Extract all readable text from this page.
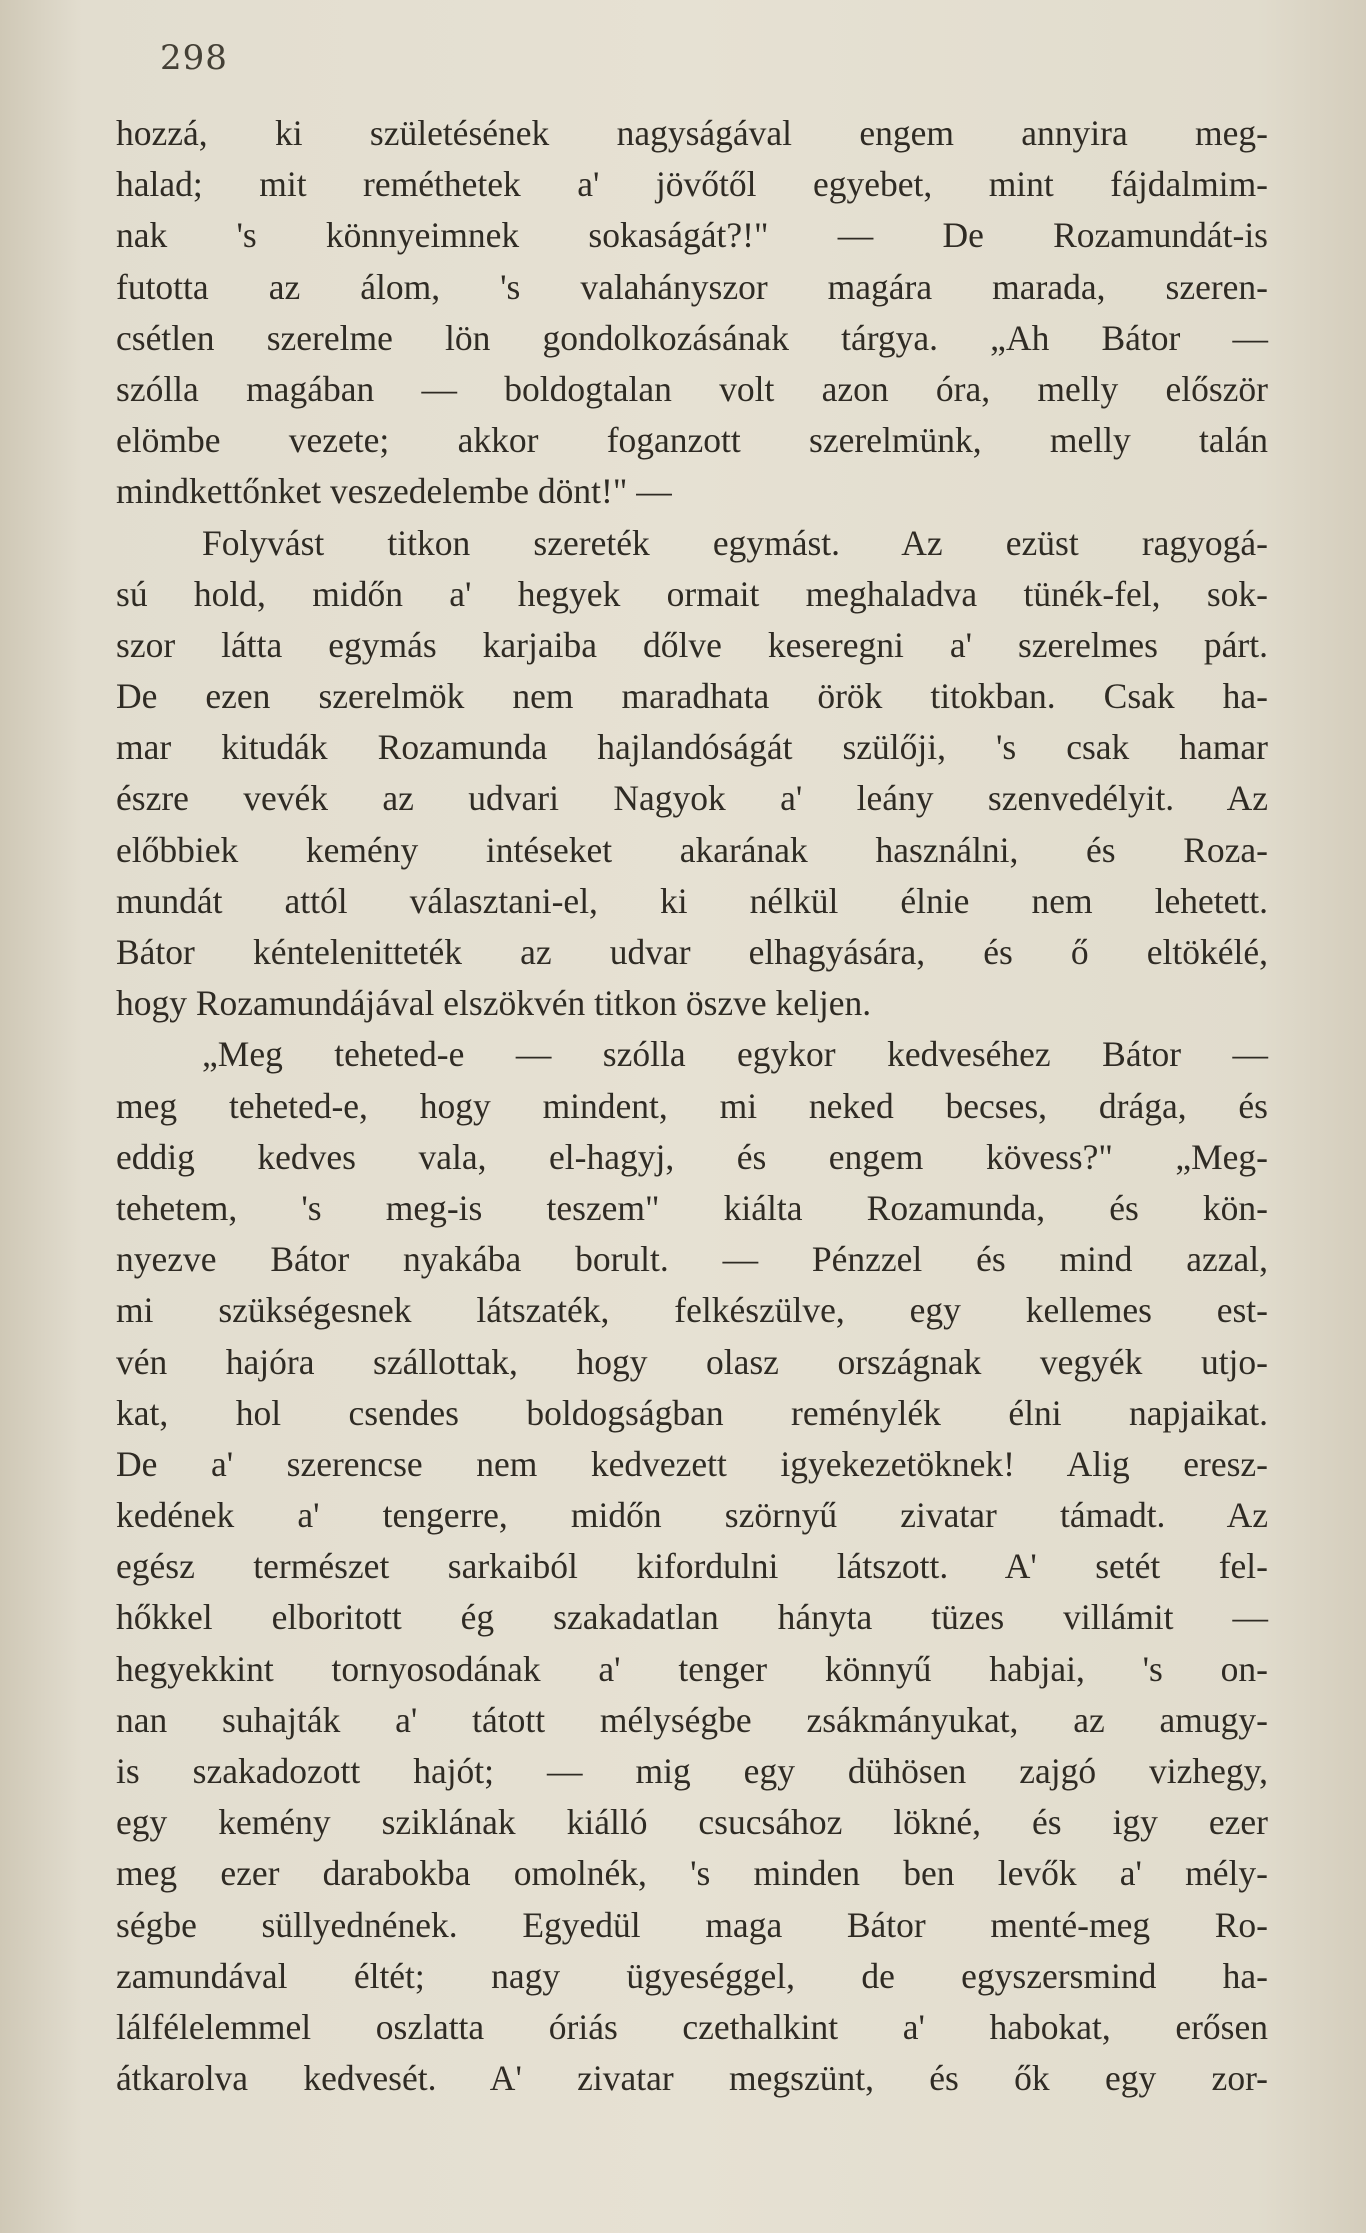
298
hozzá, ki születésének nagyságával engem annyira meg-
halad; mit reméthetek a' jövőtől egyebet, mint fájdalmim-
nak 's könnyeimnek sokaságát?!" — De Rozamundát-is
futotta az álom, 's valahányszor magára marada, szeren-
csétlen szerelme lön gondolkozásának tárgya. „Ah Bátor —
szólla magában — boldogtalan volt azon óra, melly először
elömbe vezete; akkor foganzott szerelmünk, melly talán
mindkettőnket veszedelembe dönt!" —
Folyvást titkon szereték egymást. Az ezüst ragyogá-
sú hold, midőn a' hegyek ormait meghaladva tünék-fel, sok-
szor látta egymás karjaiba dőlve keseregni a' szerelmes párt.
De ezen szerelmök nem maradhata örök titokban. Csak ha-
mar kitudák Rozamunda hajlandóságát szülőji, 's csak hamar
észre vevék az udvari Nagyok a' leány szenvedélyit. Az
előbbiek kemény intéseket akarának használni, és Roza-
mundát attól választani-el, ki nélkül élnie nem lehetett.
Bátor kéntelenitteték az udvar elhagyására, és ő eltökélé,
hogy Rozamundájával elszökvén titkon öszve keljen.
„Meg teheted-e — szólla egykor kedveséhez Bátor —
meg teheted-e, hogy mindent, mi neked becses, drága, és
eddig kedves vala, el-hagyj, és engem kövess?" „Meg-
tehetem, 's meg-is teszem" kiálta Rozamunda, és kön-
nyezve Bátor nyakába borult. — Pénzzel és mind azzal,
mi szükségesnek látszaték, felkészülve, egy kellemes est-
vén hajóra szállottak, hogy olasz országnak vegyék utjo-
kat, hol csendes boldogságban reménylék élni napjaikat.
De a' szerencse nem kedvezett igyekezetöknek! Alig eresz-
kedének a' tengerre, midőn szörnyű zivatar támadt. Az
egész természet sarkaiból kifordulni látszott. A' setét fel-
hőkkel elboritott ég szakadatlan hányta tüzes villámit —
hegyekkint tornyosodának a' tenger könnyű habjai, 's on-
nan suhajták a' tátott mélységbe zsákmányukat, az amugy-
is szakadozott hajót; — mig egy dühösen zajgó vizhegy,
egy kemény sziklának kiálló csucsához lökné, és igy ezer
meg ezer darabokba omolnék, 's minden ben levők a' mély-
ségbe süllyednének. Egyedül maga Bátor menté-meg Ro-
zamundával éltét; nagy ügyeséggel, de egyszersmind ha-
lálfélelemmel oszlatta óriás czethalkint a' habokat, erősen
átkarolva kedvesét. A' zivatar megszünt, és ők egy zor-
